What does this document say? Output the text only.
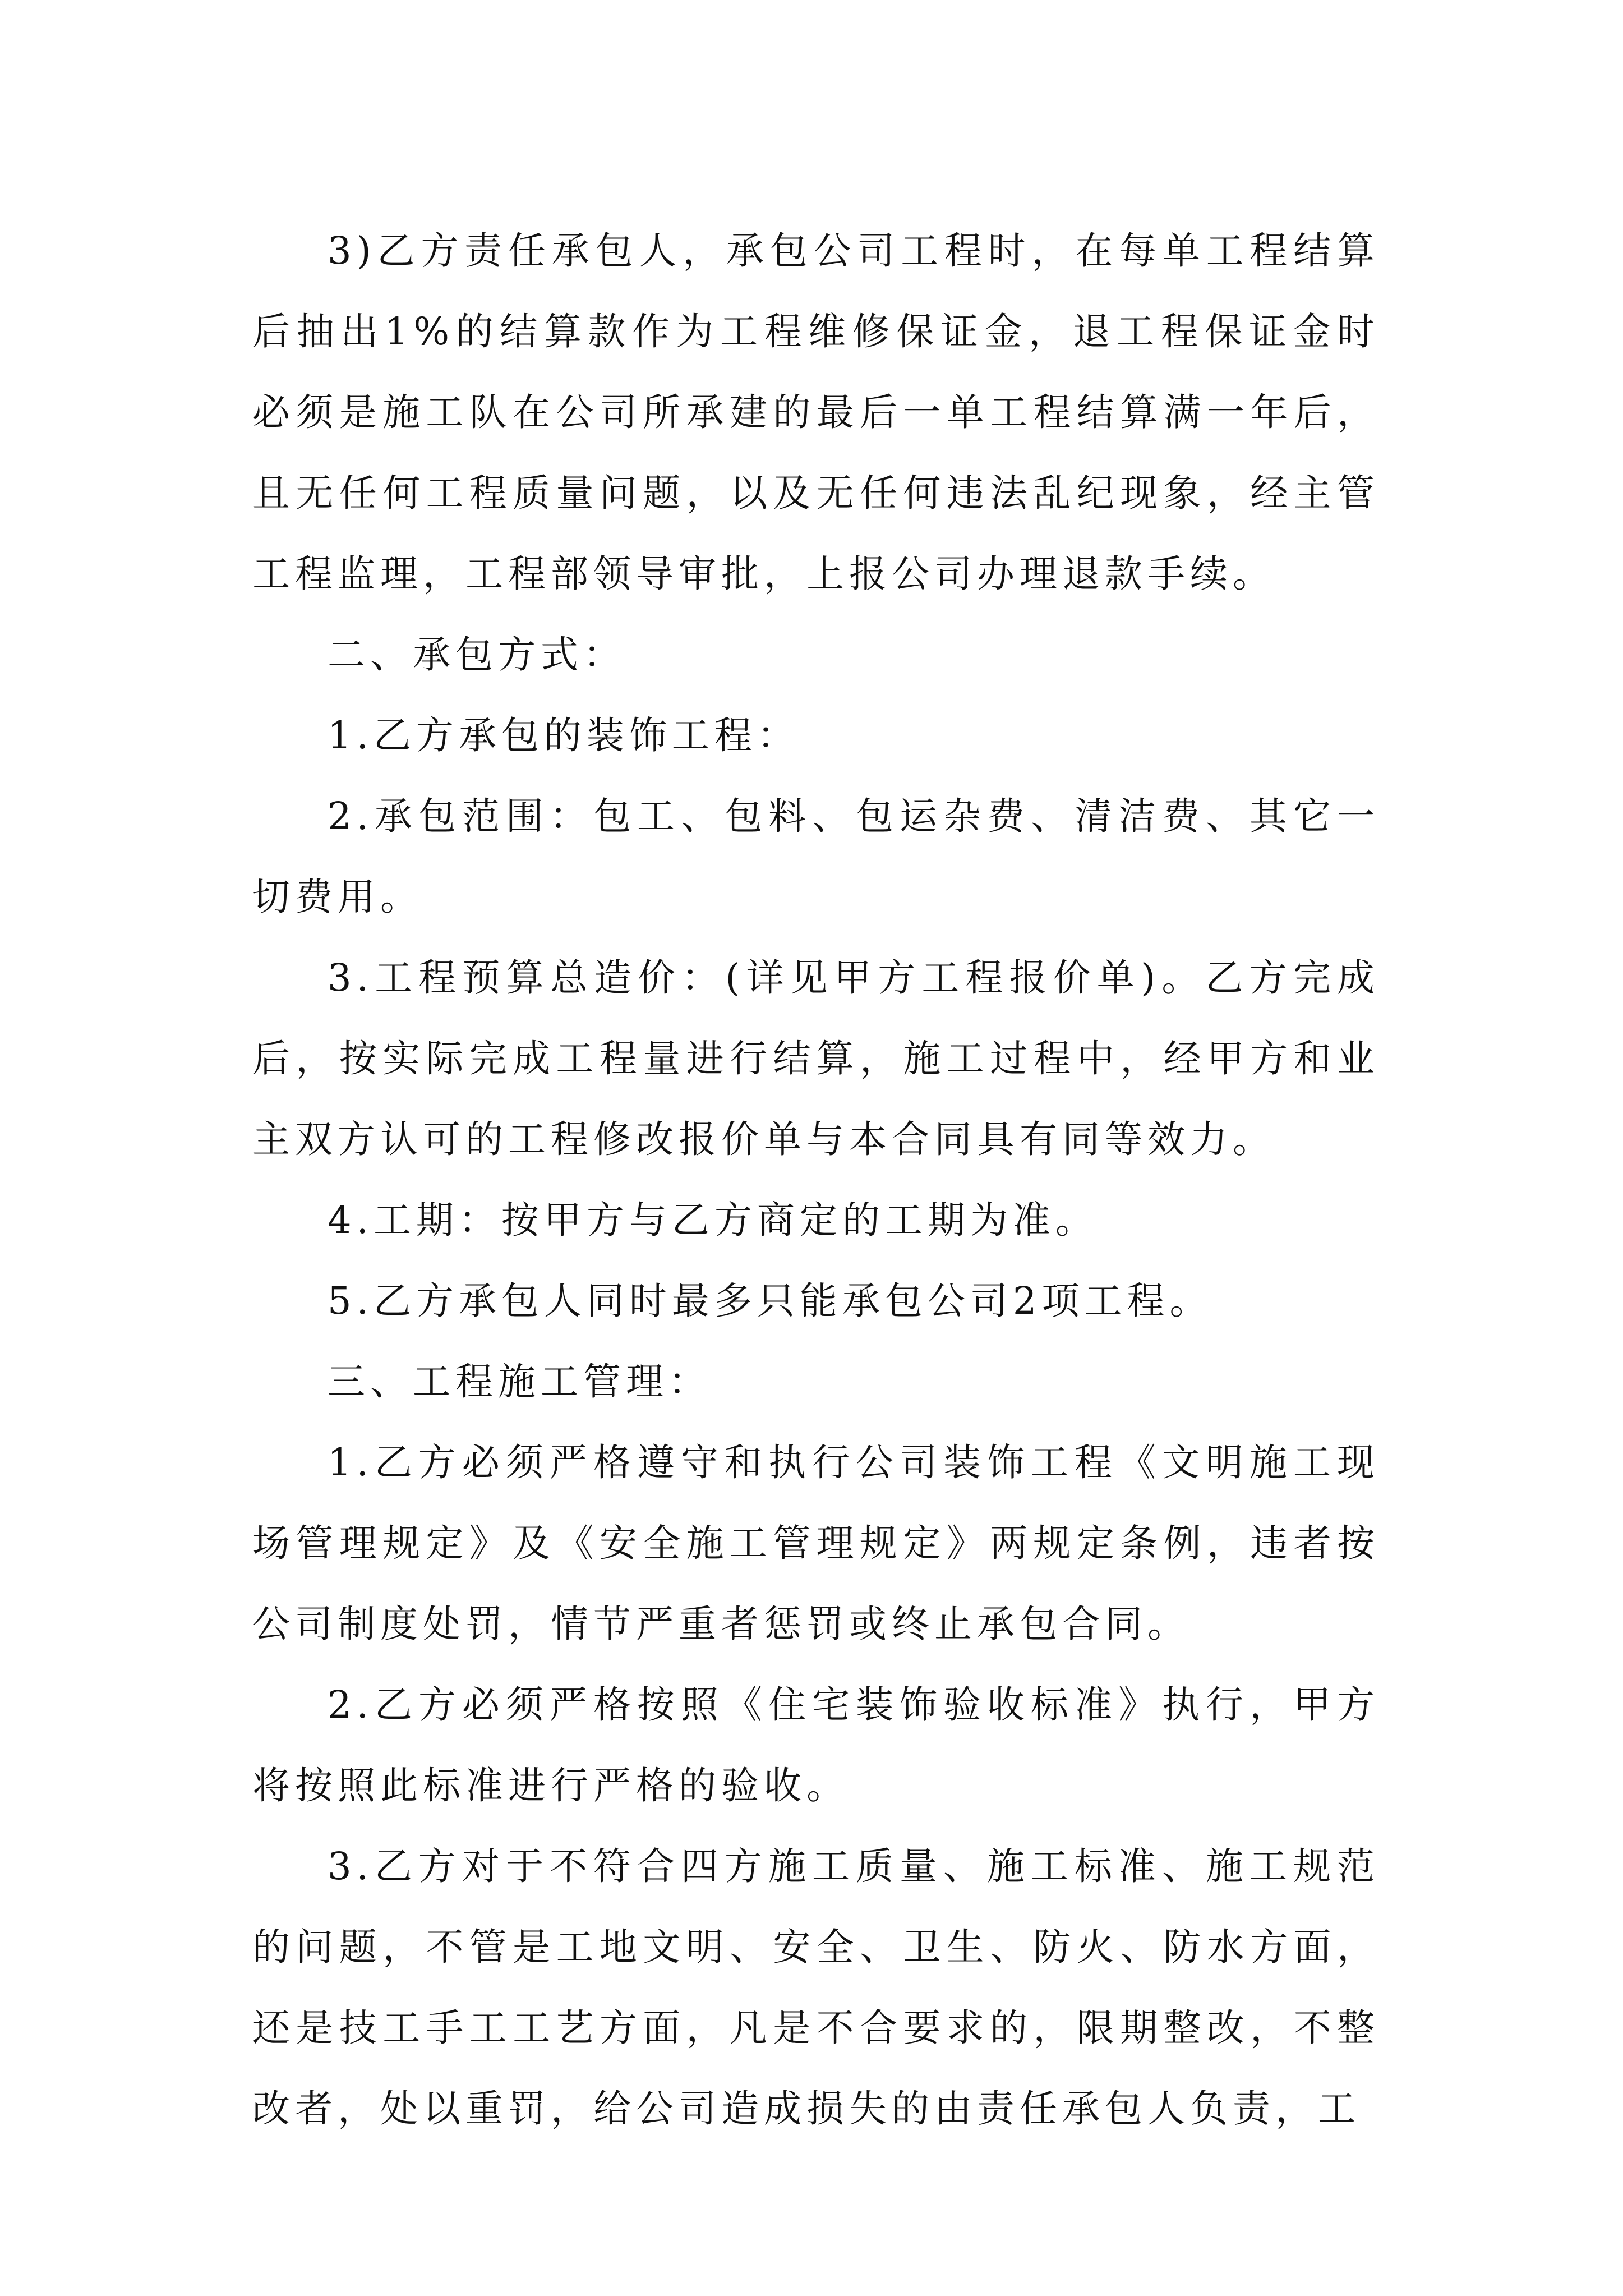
3)乙方责任承包人，承包公司工程时，在每单工程结算后抽出1%的结算款作为工程维修保证金，退工程保证金时必须是施工队在公司所承建的最后一单工程结算满一年后，且无任何工程质量问题，以及无任何违法乱纪现象，经主管工程监理，工程部领导审批，上报公司办理退款手续。

二、承包方式：

1.乙方承包的装饰工程：

2.承包范围：包工、包料、包运杂费、清洁费、其它一切费用。

3.工程预算总造价：(详见甲方工程报价单)。乙方完成后，按实际完成工程量进行结算，施工过程中，经甲方和业主双方认可的工程修改报价单与本合同具有同等效力。

4.工期：按甲方与乙方商定的工期为准。

5.乙方承包人同时最多只能承包公司2项工程。

三、工程施工管理：

1.乙方必须严格遵守和执行公司装饰工程《文明施工现场管理规定》及《安全施工管理规定》两规定条例，违者按公司制度处罚，情节严重者惩罚或终止承包合同。

2.乙方必须严格按照《住宅装饰验收标准》执行，甲方将按照此标准进行严格的验收。

3.乙方对于不符合四方施工质量、施工标准、施工规范的问题，不管是工地文明、安全、卫生、防火、防水方面，还是技工手工工艺方面，凡是不合要求的，限期整改，不整改者，处以重罚，给公司造成损失的由责任承包人负责，工
